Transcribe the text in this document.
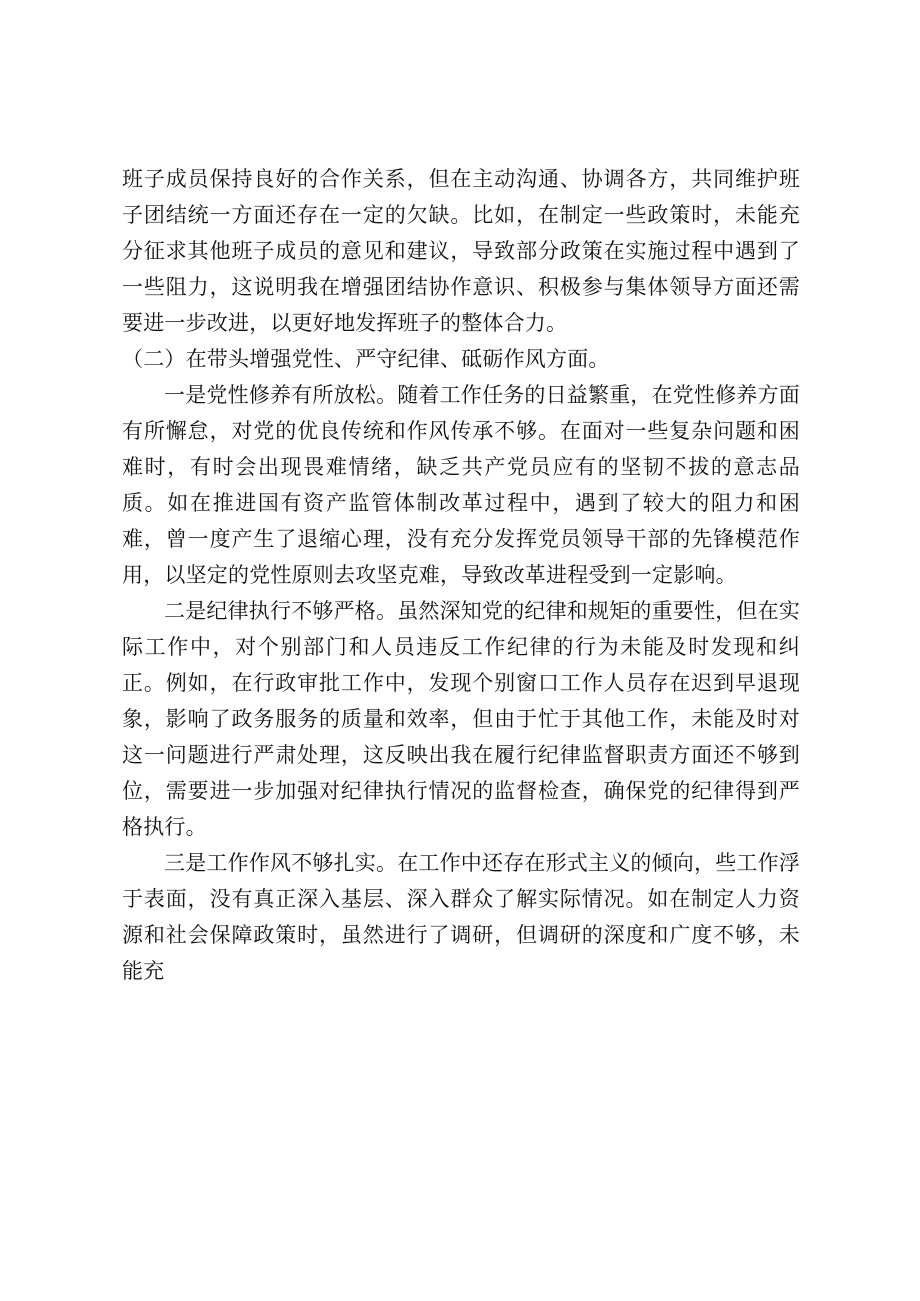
班子成员保持良好的合作关系，但在主动沟通、协调各方，共同维护班子团结统一方面还存在一定的欠缺。比如，在制定一些政策时，未能充分征求其他班子成员的意见和建议，导致部分政策在实施过程中遇到了一些阻力，这说明我在增强团结协作意识、积极参与集体领导方面还需要进一步改进，以更好地发挥班子的整体合力。

（二）在带头增强党性、严守纪律、砥砺作风方面。

一是党性修养有所放松。随着工作任务的日益繁重，在党性修养方面有所懈怠，对党的优良传统和作风传承不够。在面对一些复杂问题和困难时，有时会出现畏难情绪，缺乏共产党员应有的坚韧不拔的意志品质。如在推进国有资产监管体制改革过程中，遇到了较大的阻力和困难，曾一度产生了退缩心理，没有充分发挥党员领导干部的先锋模范作用，以坚定的党性原则去攻坚克难，导致改革进程受到一定影响。

二是纪律执行不够严格。虽然深知党的纪律和规矩的重要性，但在实际工作中，对个别部门和人员违反工作纪律的行为未能及时发现和纠正。例如，在行政审批工作中，发现个别窗口工作人员存在迟到早退现象，影响了政务服务的质量和效率，但由于忙于其他工作，未能及时对这一问题进行严肃处理，这反映出我在履行纪律监督职责方面还不够到位，需要进一步加强对纪律执行情况的监督检查，确保党的纪律得到严格执行。

三是工作作风不够扎实。在工作中还存在形式主义的倾向，些工作浮于表面，没有真正深入基层、深入群众了解实际情况。如在制定人力资源和社会保障政策时，虽然进行了调研，但调研的深度和广度不够，未能充
